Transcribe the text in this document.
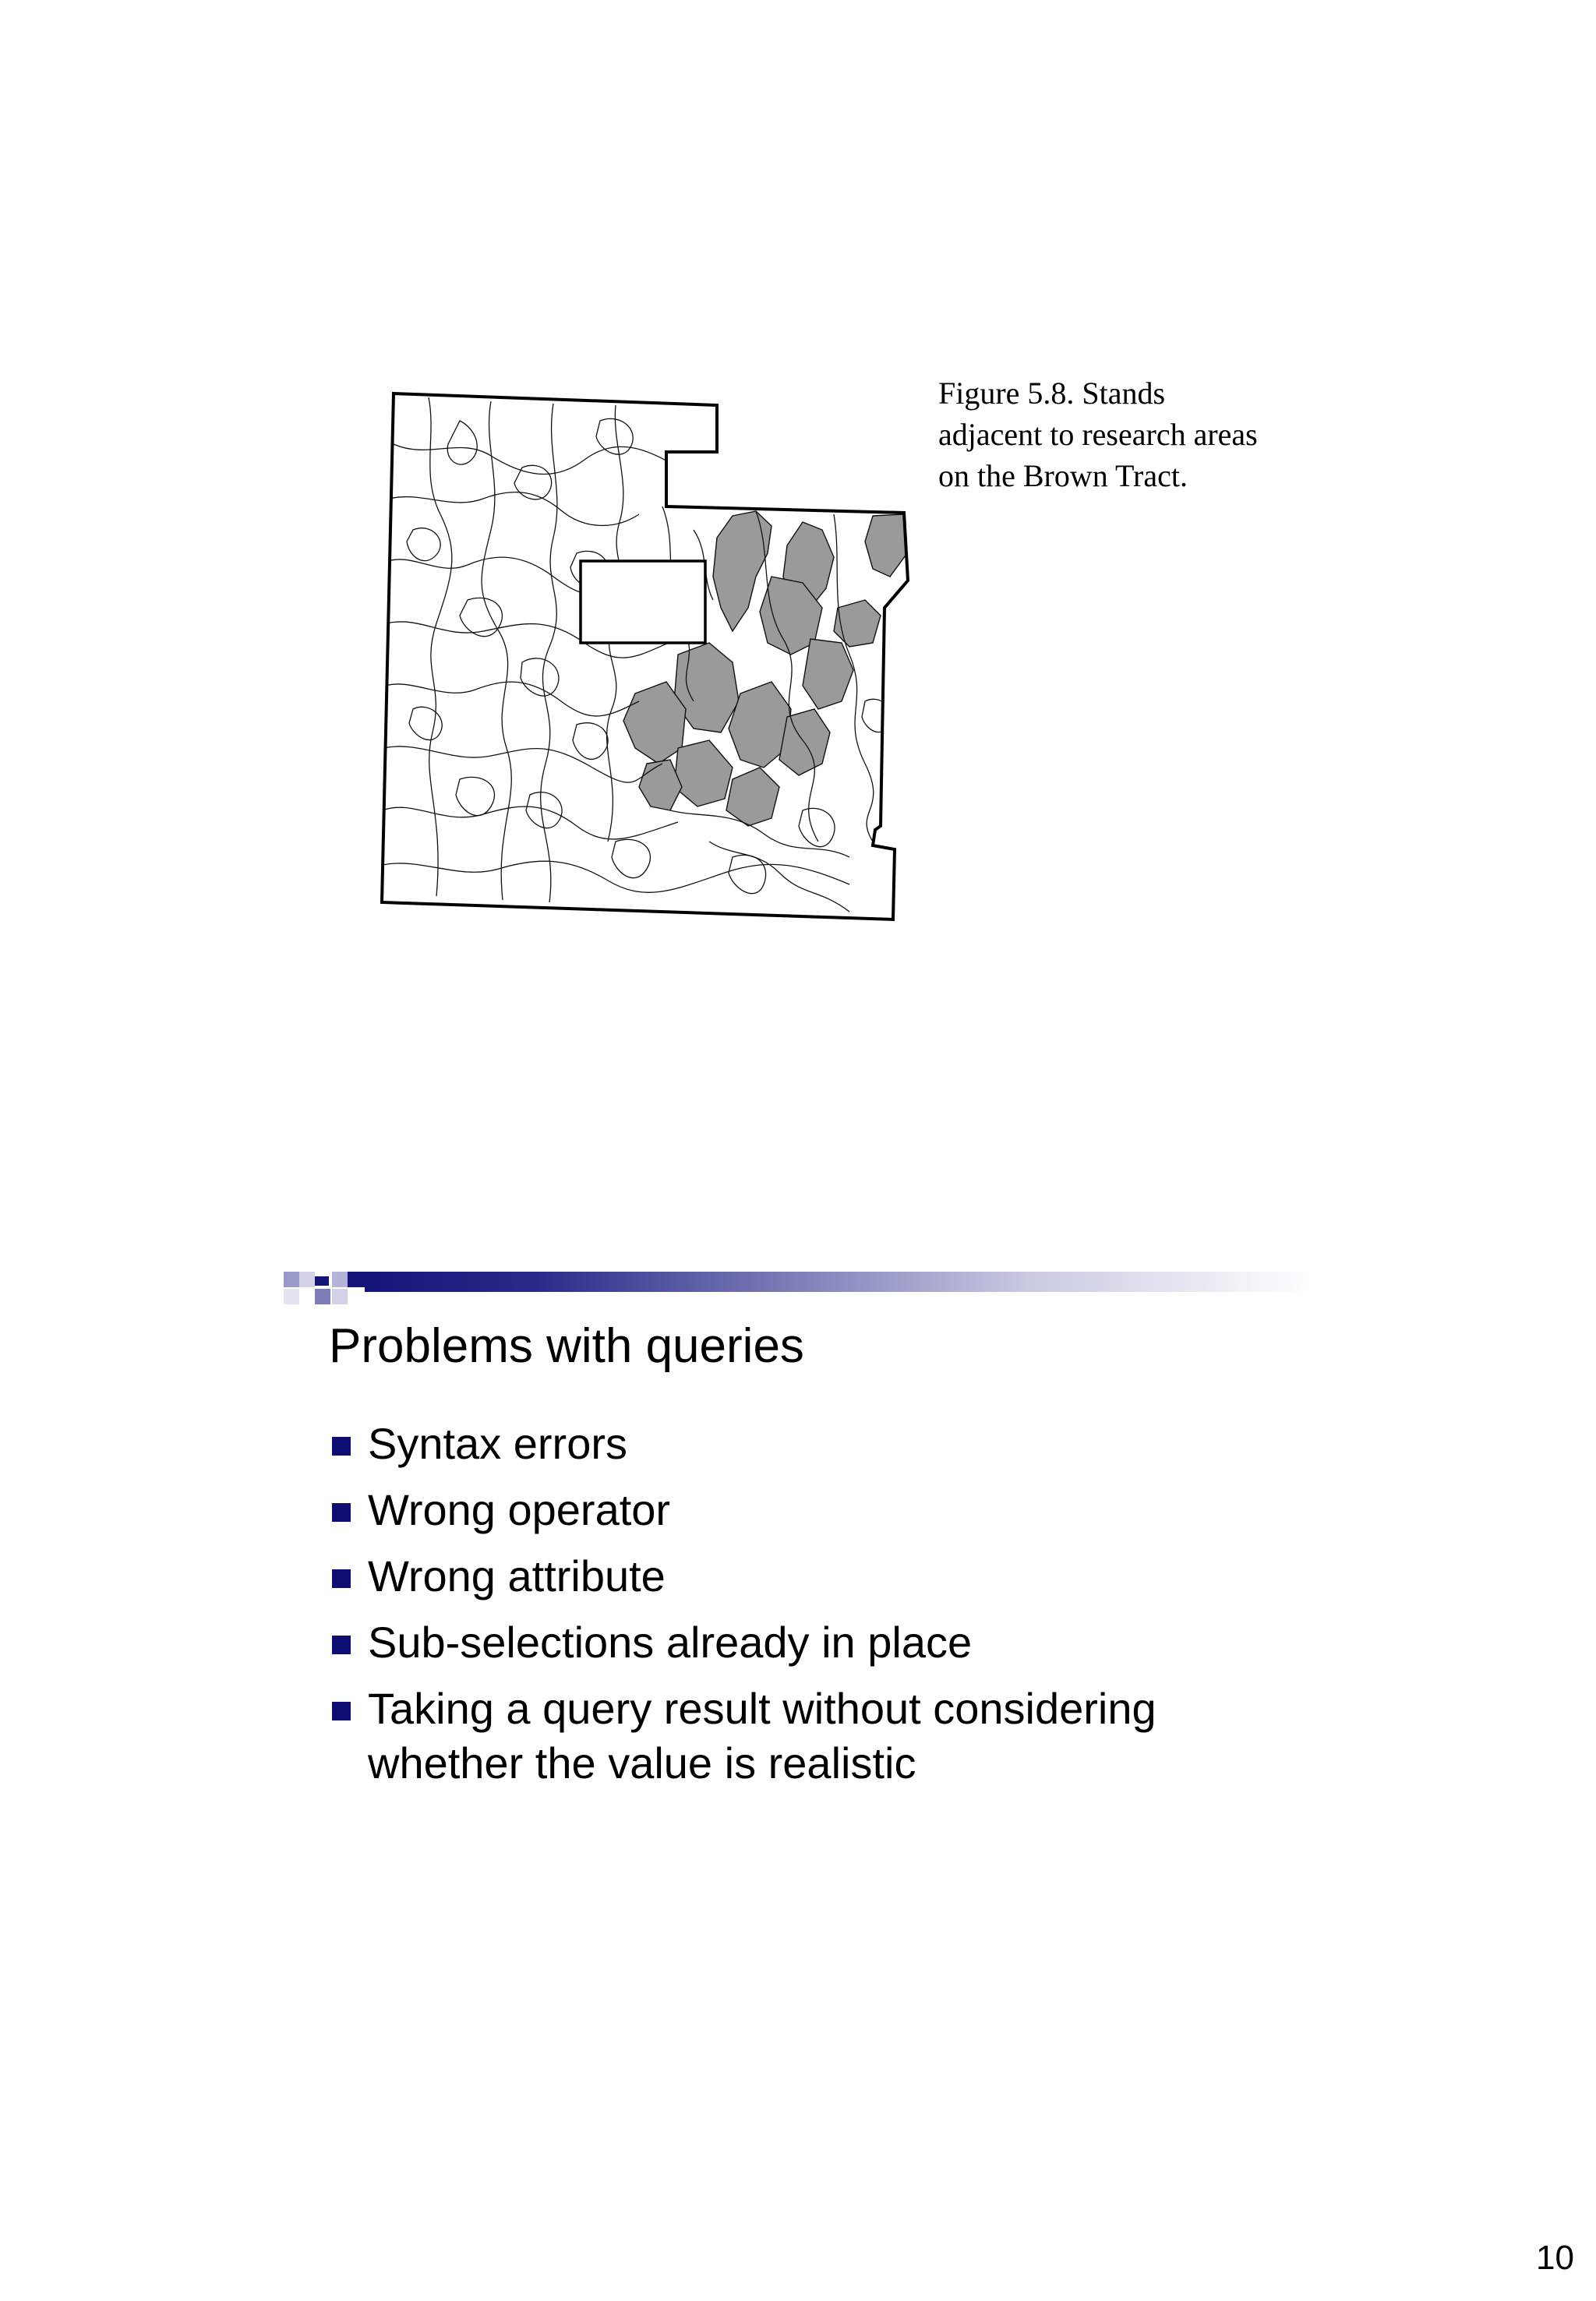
Figure 5.8. Stands adjacent to research areas on the Brown Tract.
Problems with queries
Syntax errors
Wrong operator
Wrong attribute
Sub-selections already in place
Taking a query result without considering whether the value is realistic
10
